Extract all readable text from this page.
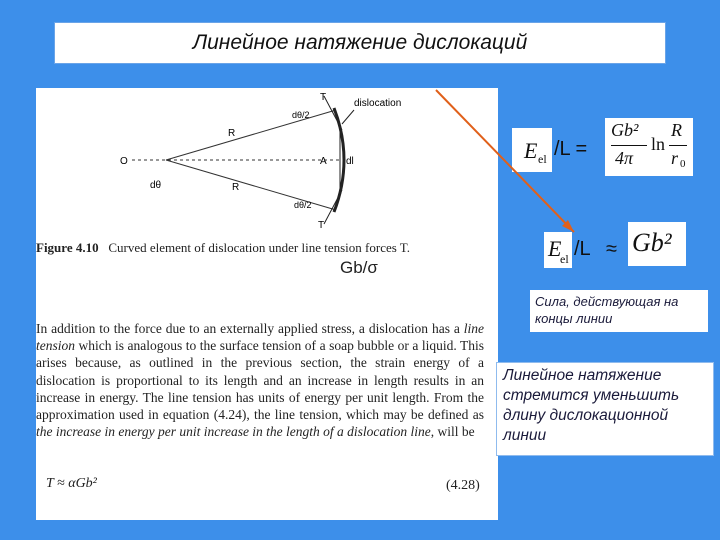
Линейное натяжение дислокаций
T
dislocation
dθ/2
R
O	A dl
dθ	R
dθ/2
T
Figure 4.10 Curved element of dislocation under line tension forces T.
In addition to the force due to an externally applied stress, a dislocation has a line tension which is analogous to the surface tension of a soap bubble or a liquid. This arises because, as outlined in the previous section, the strain energy of a dislocation is proportional to its length and an increase in length results in an increase in energy. The line tension has units of energy per unit length. From the approximation used in equation (4.24), the line tension, which may be defined as the increase in energy per unit increase in the length of a dislocation line, will be
T ≈ αGb²	(4.28)
Gb/σ
E el /L =
Gb²
4π
ln
R
r 0
E
el /L ≈ Gb²
Сила, действующая на концы линии
Линейное натяжение стремится уменьшить длину дислокационной линии
